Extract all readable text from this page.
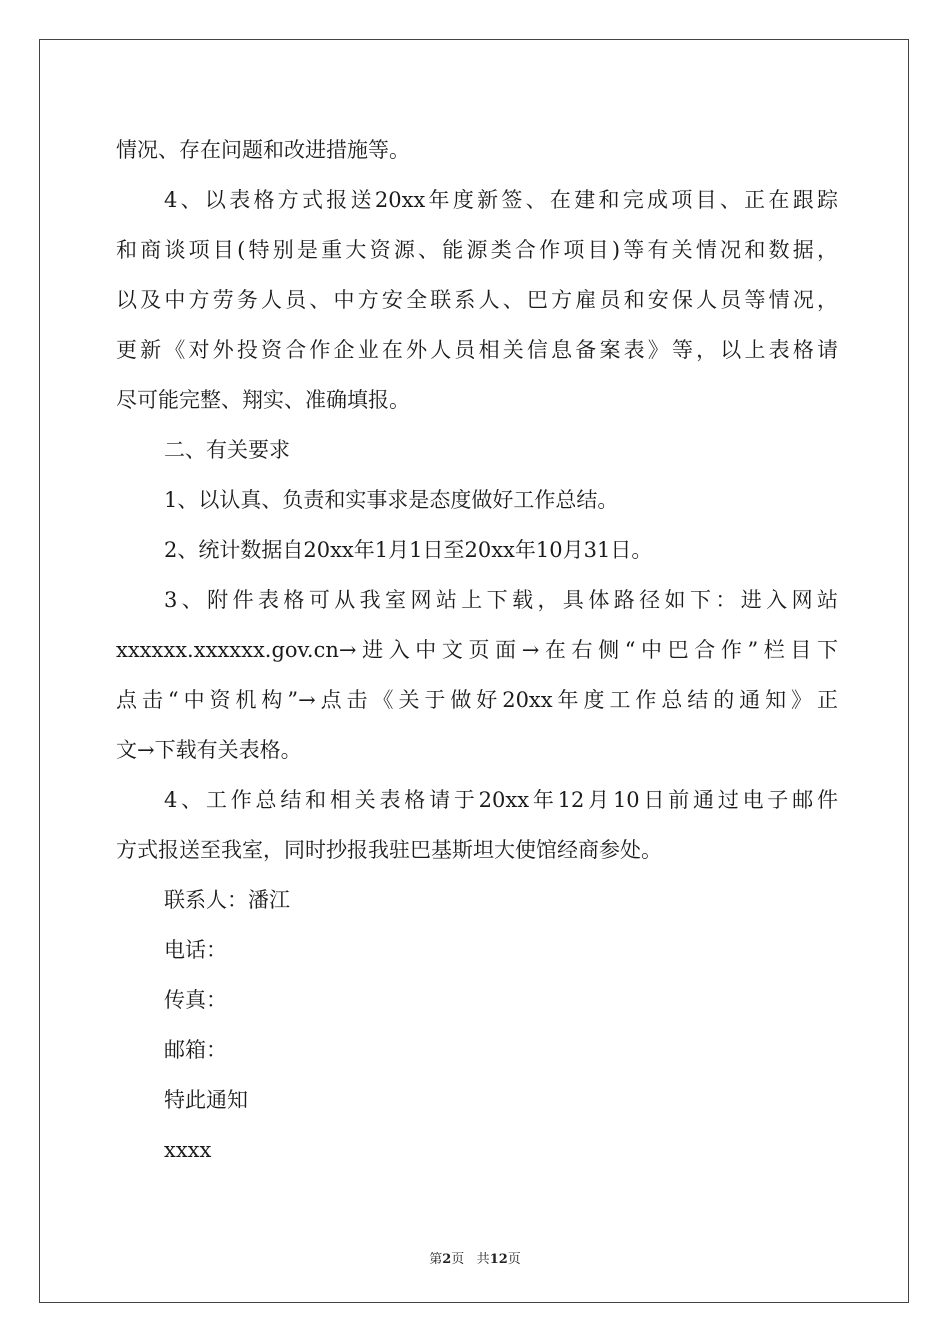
情况、存在问题和改进措施等。
4、以表格方式报送20xx年度新签、在建和完成项目、正在跟踪
和商谈项目(特别是重大资源、能源类合作项目)等有关情况和数据，
以及中方劳务人员、中方安全联系人、巴方雇员和安保人员等情况，
更新《对外投资合作企业在外人员相关信息备案表》等，以上表格请
尽可能完整、翔实、准确填报。
二、有关要求
1、以认真、负责和实事求是态度做好工作总结。
2、统计数据自20xx年1月1日至20xx年10月31日。
3、附件表格可从我室网站上下载，具体路径如下：进入网站
xxxxxx.xxxxxx.gov.cn→进入中文页面→在右侧“中巴合作”栏目下
点击“中资机构”→点击《关于做好20xx年度工作总结的通知》正
文→下载有关表格。
4、工作总结和相关表格请于20xx年12月10日前通过电子邮件
方式报送至我室，同时抄报我驻巴基斯坦大使馆经商参处。
联系人：潘江
电话：
传真：
邮箱：
特此通知
xxxx
第2页 共12页
